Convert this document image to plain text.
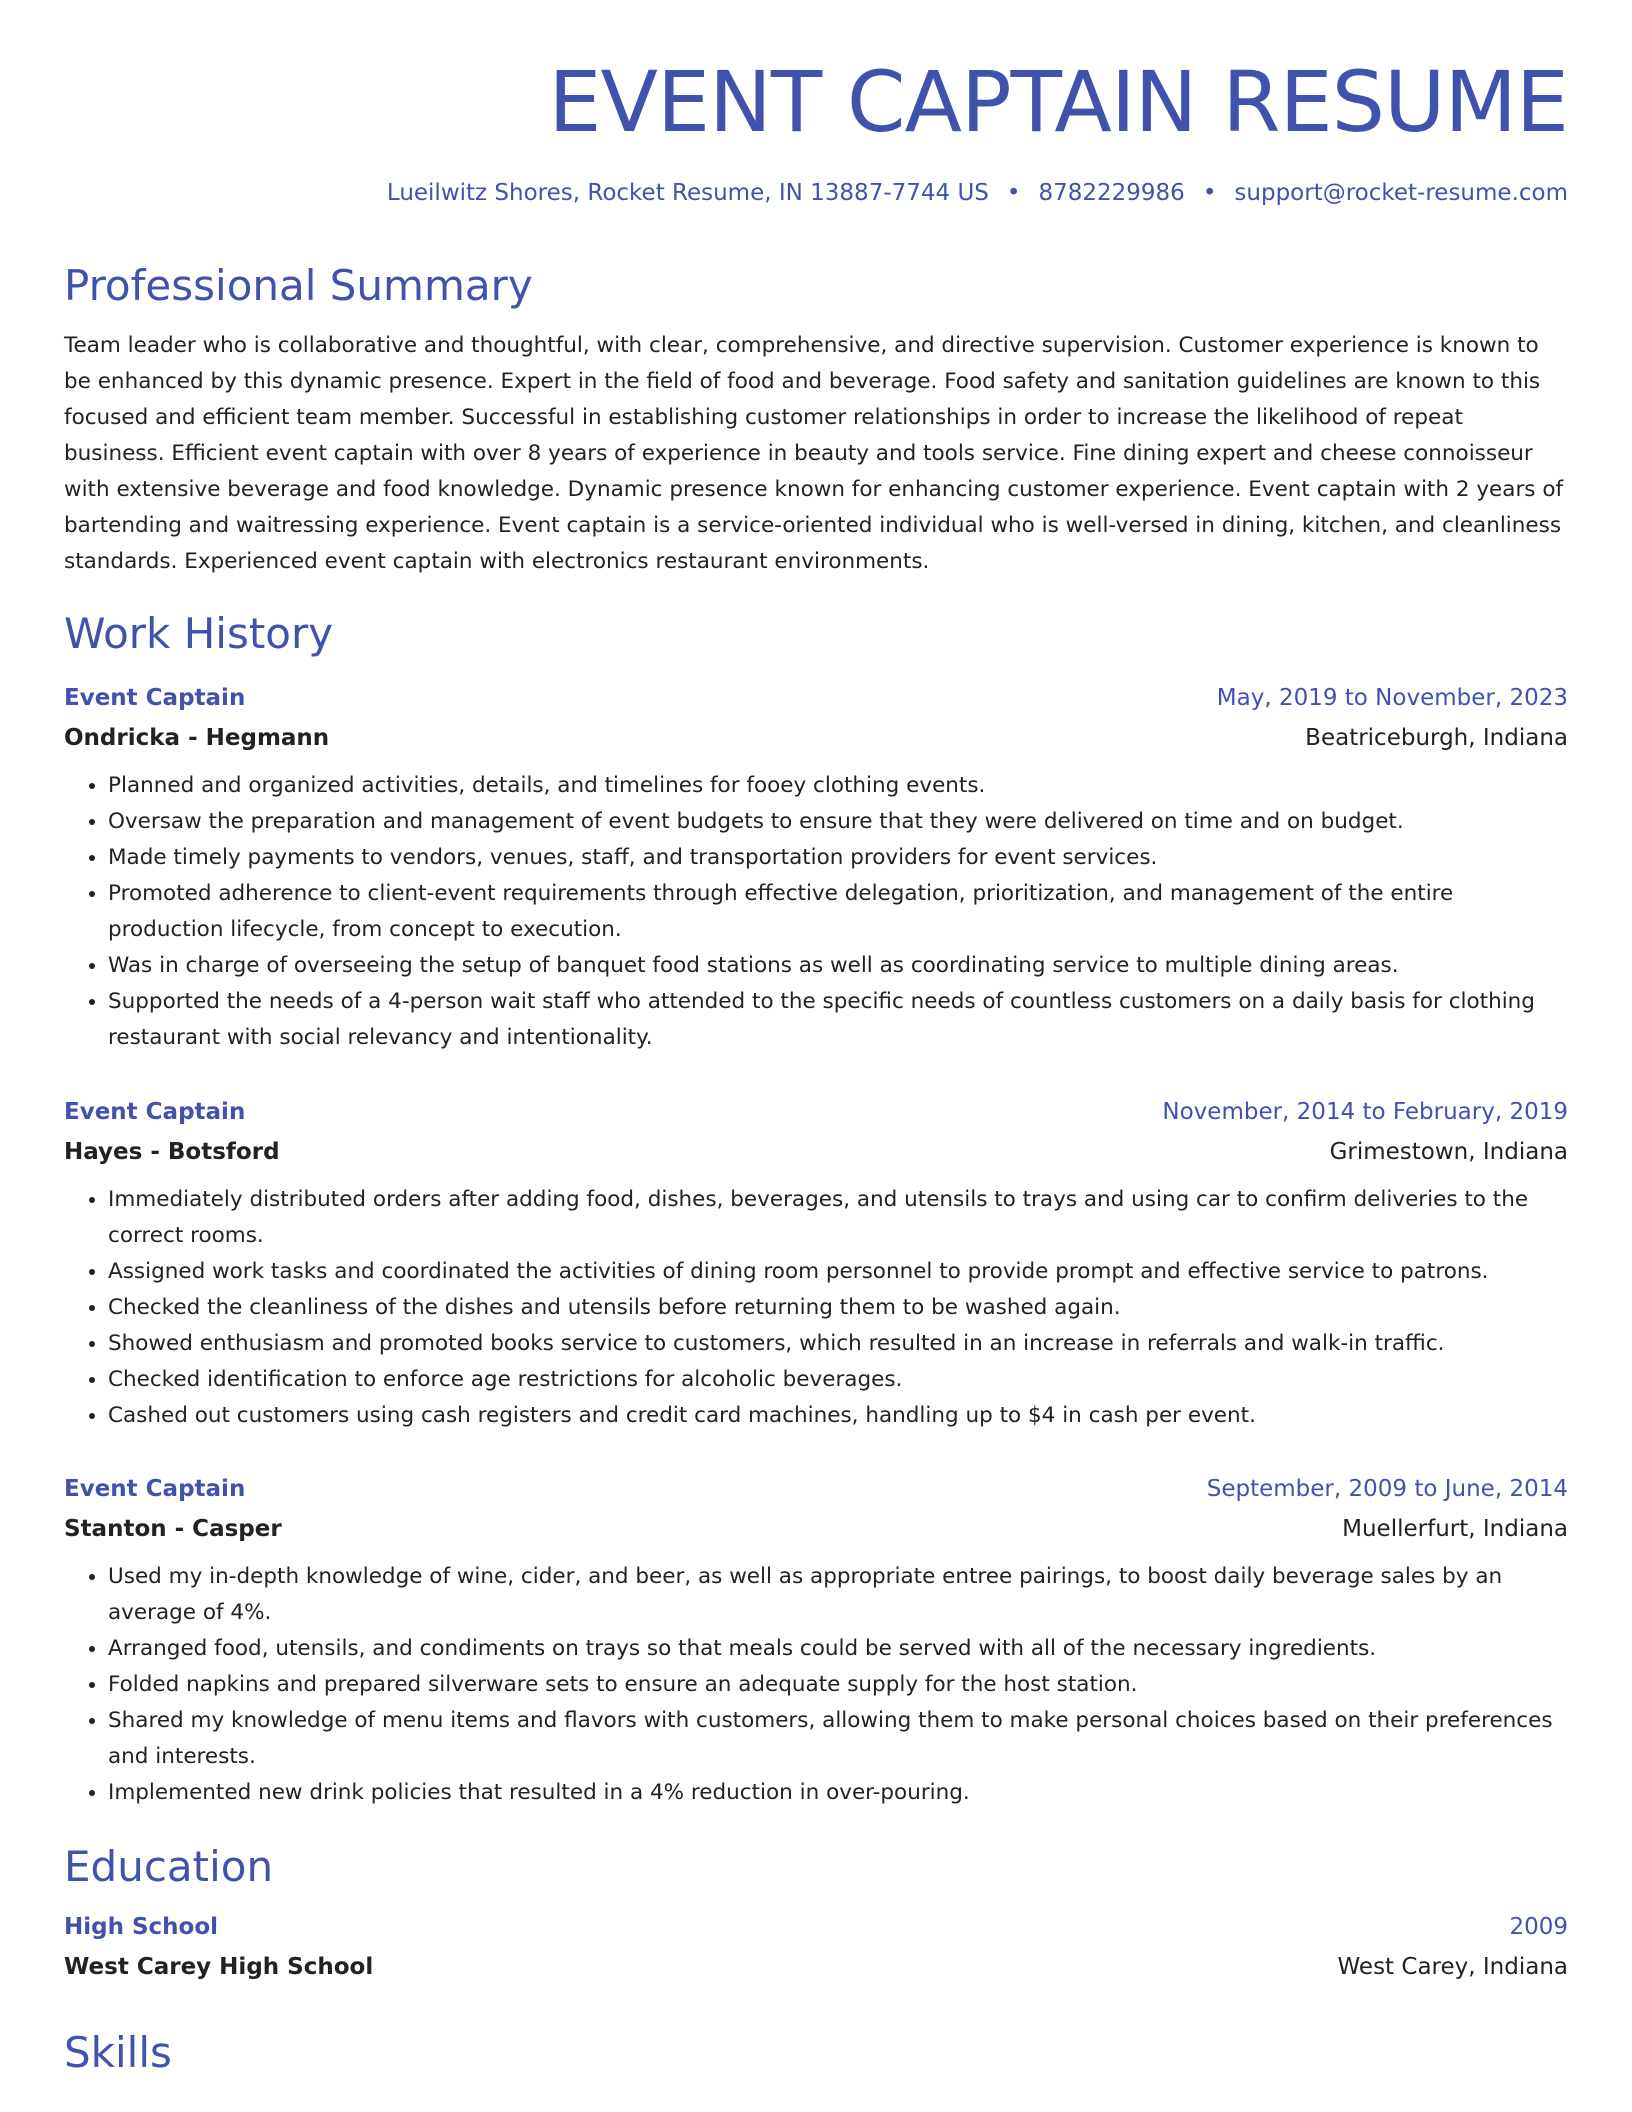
EVENT CAPTAIN RESUME
Lueilwitz Shores, Rocket Resume, IN 13887-7744 US • 8782229986 • support@rocket-resume.com
Professional Summary

Team leader who is collaborative and thoughtful, with clear, comprehensive, and directive supervision. Customer experience is known to be enhanced by this dynamic presence. Expert in the field of food and beverage. Food safety and sanitation guidelines are known to this focused and efficient team member. Successful in establishing customer relationships in order to increase the likelihood of repeat business. Efficient event captain with over 8 years of experience in beauty and tools service. Fine dining expert and cheese connoisseur with extensive beverage and food knowledge. Dynamic presence known for enhancing customer experience. Event captain with 2 years of bartending and waitressing experience. Event captain is a service-oriented individual who is well-versed in dining, kitchen, and cleanliness standards. Experienced event captain with electronics restaurant environments.

Work History
Event Captain	May, 2019 to November, 2023
Ondricka - Hegmann	Beatriceburgh, Indiana
• Planned and organized activities, details, and timelines for fooey clothing events.
• Oversaw the preparation and management of event budgets to ensure that they were delivered on time and on budget.
• Made timely payments to vendors, venues, staff, and transportation providers for event services.
• Promoted adherence to client-event requirements through effective delegation, prioritization, and management of the entire production lifecycle, from concept to execution.
• Was in charge of overseeing the setup of banquet food stations as well as coordinating service to multiple dining areas.
• Supported the needs of a 4-person wait staff who attended to the specific needs of countless customers on a daily basis for clothing restaurant with social relevancy and intentionality.
Event Captain	November, 2014 to February, 2019
Hayes - Botsford	Grimestown, Indiana
• Immediately distributed orders after adding food, dishes, beverages, and utensils to trays and using car to confirm deliveries to the correct rooms.
• Assigned work tasks and coordinated the activities of dining room personnel to provide prompt and effective service to patrons.
• Checked the cleanliness of the dishes and utensils before returning them to be washed again.
• Showed enthusiasm and promoted books service to customers, which resulted in an increase in referrals and walk-in traffic.
• Checked identification to enforce age restrictions for alcoholic beverages.
• Cashed out customers using cash registers and credit card machines, handling up to $4 in cash per event.
Event Captain	September, 2009 to June, 2014
Stanton - Casper	Muellerfurt, Indiana
• Used my in-depth knowledge of wine, cider, and beer, as well as appropriate entree pairings, to boost daily beverage sales by an average of 4%.
• Arranged food, utensils, and condiments on trays so that meals could be served with all of the necessary ingredients.
• Folded napkins and prepared silverware sets to ensure an adequate supply for the host station.
• Shared my knowledge of menu items and flavors with customers, allowing them to make personal choices based on their preferences and interests.
• Implemented new drink policies that resulted in a 4% reduction in over-pouring.
Education
High School	2009
West Carey High School	West Carey, Indiana
Skills
